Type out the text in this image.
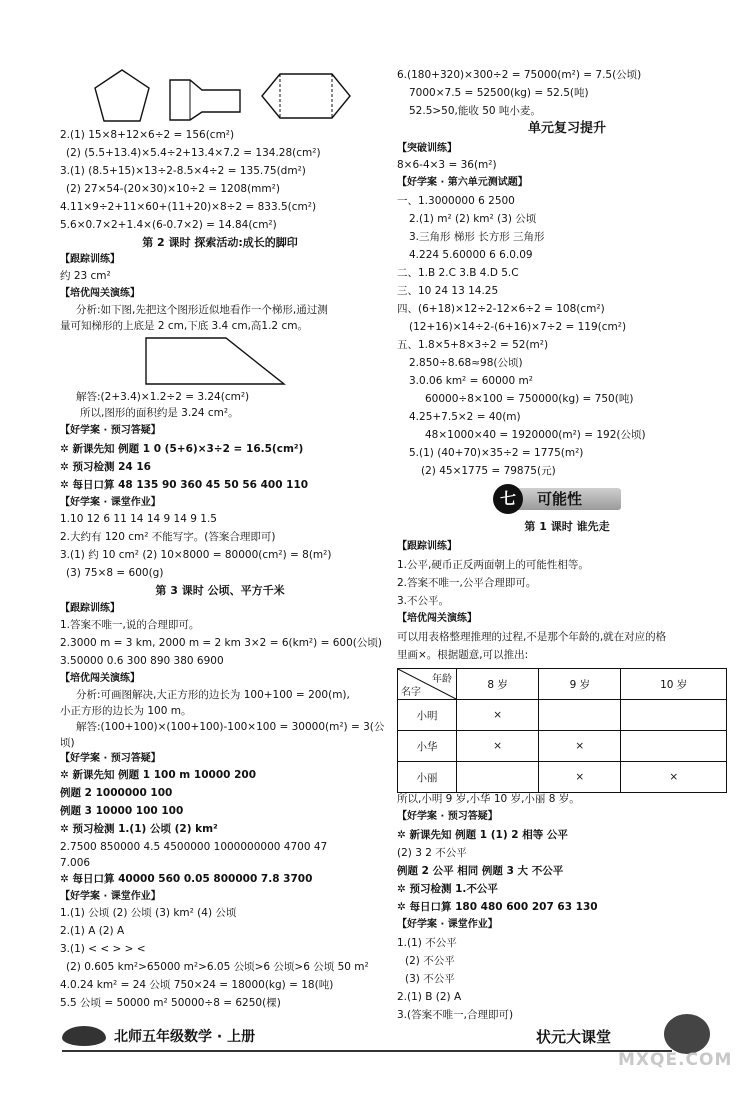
2.(1) 15×8+12×6÷2 = 156(cm²)
(2) (5.5+13.4)×5.4÷2+13.4×7.2 = 134.28(cm²)
3.(1) (8.5+15)×13÷2-8.5×4÷2 = 135.75(dm²)
(2) 27×54-(20×30)×10÷2 = 1208(mm²)
4.11×9÷2+11×60+(11+20)×8÷2 = 833.5(cm²)
5.6×0.7×2+1.4×(6-0.7×2) = 14.84(cm²)
第 2 课时 探索活动:成长的脚印
【跟踪训练】
约 23 cm²
【培优闯关演练】
分析:如下图,先把这个图形近似地看作一个梯形,通过测
量可知梯形的上底是 2 cm,下底 3.4 cm,高1.2 cm。
解答:(2+3.4)×1.2÷2 = 3.24(cm²)
所以,图形的面积约是 3.24 cm²。
【好学案 · 预习答疑】
✲ 新课先知 例题 1 0 (5+6)×3÷2 = 16.5(cm²)
✲ 预习检测 24 16
✲ 每日口算 48 135 90 360 45 50 56 400 110
【好学案 · 课堂作业】
1.10 12 6 11 14 14 9 14 9 1.5
2.大约有 120 cm² 不能写字。(答案合理即可)
3.(1) 约 10 cm² (2) 10×8000 = 80000(cm²) = 8(m²)
(3) 75×8 = 600(g)
第 3 课时 公顷、平方千米
【跟踪训练】
1.答案不唯一,说的合理即可。
2.3000 m = 3 km, 2000 m = 2 km 3×2 = 6(km²) = 600(公顷)
3.50000 0.6 300 890 380 6900
【培优闯关演练】
分析:可画图解决,大正方形的边长为 100+100 = 200(m),
小正方形的边长为 100 m。
解答:(100+100)×(100+100)-100×100 = 30000(m²) = 3(公
顷)
【好学案 · 预习答疑】
✲ 新课先知 例题 1 100 m 10000 200
例题 2 1000000 100
例题 3 10000 100 100
✲ 预习检测 1.(1) 公顷 (2) km²
2.7500 850000 4.5 4500000 1000000000 4700 47
7.006
✲ 每日口算 40000 560 0.05 800000 7.8 3700
【好学案 · 课堂作业】
1.(1) 公顷 (2) 公顷 (3) km² (4) 公顷
2.(1) A (2) A
3.(1) < < > > <
(2) 0.605 km²>65000 m²>6.05 公顷>6 公顷>6 公顷 50 m²
4.0.24 km² = 24 公顷 750×24 = 18000(kg) = 18(吨)
5.5 公顷 = 50000 m² 50000÷8 = 6250(棵)
6.(180+320)×300÷2 = 75000(m²) = 7.5(公顷)
7000×7.5 = 52500(kg) = 52.5(吨)
52.5>50,能收 50 吨小麦。
单元复习提升
【突破训练】
8×6-4×3 = 36(m²)
【好学案 · 第六单元测试题】
一、1.3000000 6 2500
2.(1) m² (2) km² (3) 公顷
3.三角形 梯形 长方形 三角形
4.224 5.60000 6 6.0.09
二、1.B 2.C 3.B 4.D 5.C
三、10 24 13 14.25
四、(6+18)×12÷2-12×6÷2 = 108(cm²)
(12+16)×14÷2-(6+16)×7÷2 = 119(cm²)
五、1.8×5+8×3÷2 = 52(m²)
2.850÷8.68≈98(公顷)
3.0.06 km² = 60000 m²
60000÷8×100 = 750000(kg) = 750(吨)
4.25+7.5×2 = 40(m)
48×1000×40 = 1920000(m²) = 192(公顷)
5.(1) (40+70)×35÷2 = 1775(m²)
(2) 45×1775 = 79875(元)
七	可能性
第 1 课时 谁先走
【跟踪训练】
1.公平,硬币正反两面朝上的可能性相等。
2.答案不唯一,公平合理即可。
3.不公平。
【培优闯关演练】
可以用表格整理推理的过程,不是那个年龄的,就在对应的格
里画×。根据题意,可以推出:
年龄
名字	8 岁	9 岁	10 岁
小明	×		
小华	×	×	
小丽		×	×
所以,小明 9 岁,小华 10 岁,小丽 8 岁。
【好学案 · 预习答疑】
✲ 新课先知 例题 1 (1) 2 相等 公平
(2) 3 2 不公平
例题 2 公平 相同 例题 3 大 不公平
✲ 预习检测 1.不公平
✲ 每日口算 180 480 600 207 63 130
【好学案 · 课堂作业】
1.(1) 不公平
(2) 不公平
(3) 不公平
2.(1) B (2) A
3.(答案不唯一,合理即可)
北师五年级数学 · 上册	状元大课堂
MXQE.COM
